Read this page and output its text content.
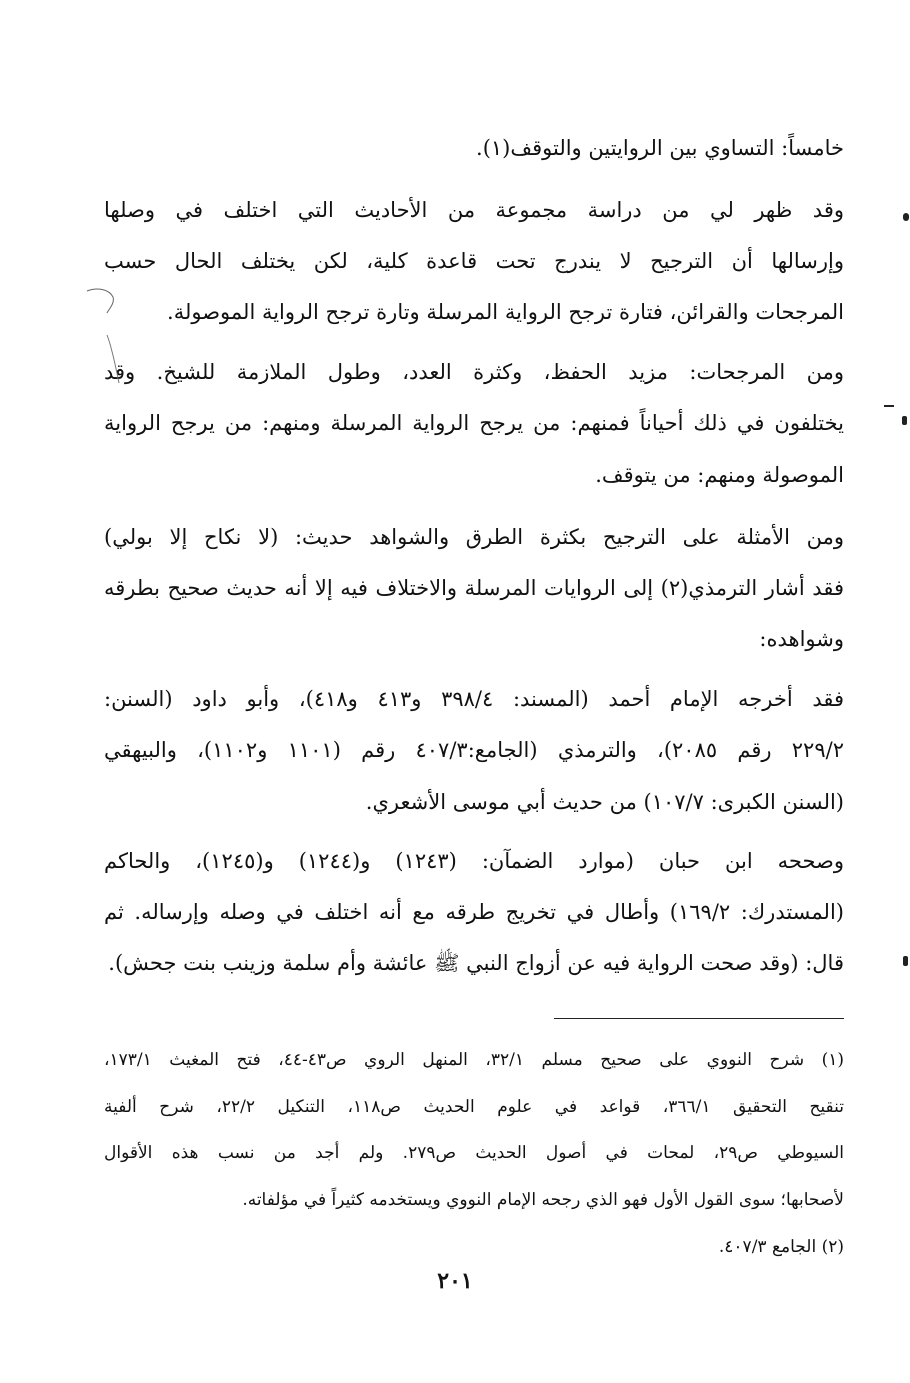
خامساً: التساوي بين الروايتين والتوقف(١).
وقد ظهر لي من دراسة مجموعة من الأحاديث التي اختلف في وصلها
وإرسالها أن الترجيح لا يندرج تحت قاعدة كلية، لكن يختلف الحال حسب
المرجحات والقرائن، فتارة ترجح الرواية المرسلة وتارة ترجح الرواية الموصولة.
ومن المرجحات: مزيد الحفظ، وكثرة العدد، وطول الملازمة للشيخ. وقد
يختلفون في ذلك أحياناً فمنهم: من يرجح الرواية المرسلة ومنهم: من يرجح الرواية
الموصولة ومنهم: من يتوقف.
ومن الأمثلة على الترجيح بكثرة الطرق والشواهد حديث: (لا نكاح إلا بولي)
فقد أشار الترمذي(٢) إلى الروايات المرسلة والاختلاف فيه إلا أنه حديث صحيح بطرقه
وشواهده:
فقد أخرجه الإمام أحمد (المسند: ٣٩٨/٤ و٤١٣ و٤١٨)، وأبو داود (السنن:
٢٢٩/٢ رقم ٢٠٨٥)، والترمذي (الجامع:٤٠٧/٣ رقم (١١٠١ و١١٠٢)، والبيهقي
(السنن الكبرى: ١٠٧/٧) من حديث أبي موسى الأشعري.
وصححه ابن حبان (موارد الضمآن: (١٢٤٣) و(١٢٤٤) و(١٢٤٥)، والحاكم
(المستدرك: ١٦٩/٢) وأطال في تخريج طرقه مع أنه اختلف في وصله وإرساله. ثم
قال: (وقد صحت الرواية فيه عن أزواج النبي ﷺ عائشة وأم سلمة وزينب بنت جحش).
(١) شرح النووي على صحيح مسلم ٣٢/١، المنهل الروي ص٤٣-٤٤، فتح المغيث ١٧٣/١،
تنقيح التحقيق ٣٦٦/١، قواعد في علوم الحديث ص١١٨، التنكيل ٢٢/٢، شرح ألفية
السيوطي ص٢٩، لمحات في أصول الحديث ص٢٧٩. ولم أجد من نسب هذه الأقوال
لأصحابها؛ سوى القول الأول فهو الذي رجحه الإمام النووي ويستخدمه كثيراً في مؤلفاته.
(٢) الجامع ٤٠٧/٣.
٢٠١
